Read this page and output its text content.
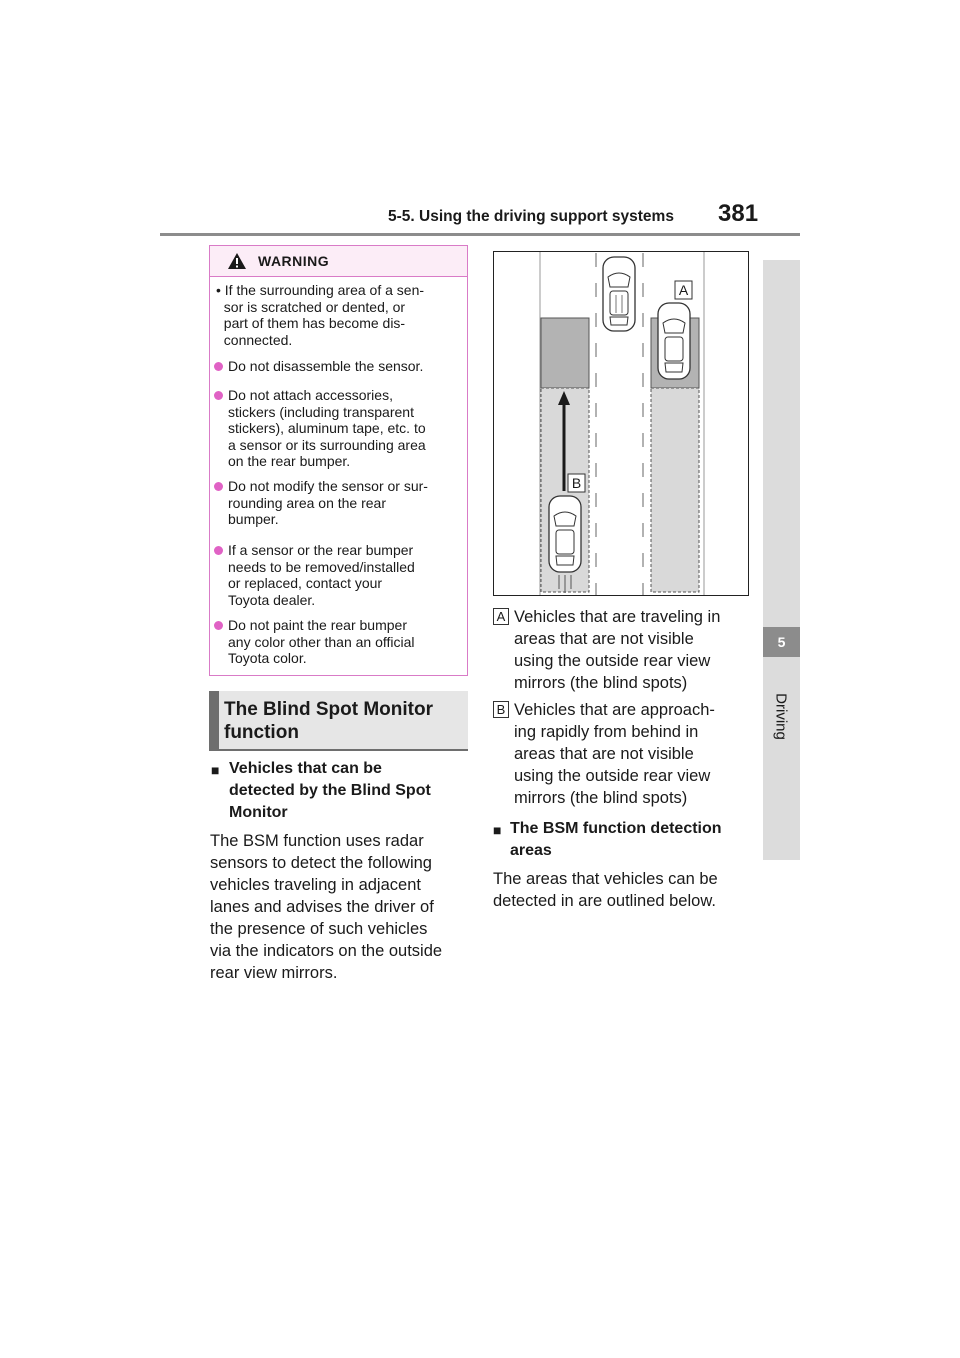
5-5. Using the driving support systems 381
5
Driving
WARNING
• If the surrounding area of a sen-
sor is scratched or dented, or
part of them has become dis-
connected.
Do not disassemble the sensor.
Do not attach accessories,
stickers (including transparent
stickers), aluminum tape, etc. to
a sensor or its surrounding area
on the rear bumper.
Do not modify the sensor or sur-
rounding area on the rear
bumper.
If a sensor or the rear bumper
needs to be removed/installed
or replaced, contact your
Toyota dealer.
Do not paint the rear bumper
any color other than an official
Toyota color.
The Blind Spot Monitor
function
■ Vehicles that can be
detected by the Blind Spot
Monitor
The BSM function uses radar
sensors to detect the following
vehicles traveling in adjacent
lanes and advises the driver of
the presence of such vehicles
via the indicators on the outside
rear view mirrors.
A
B
A Vehicles that are traveling in
areas that are not visible
using the outside rear view
mirrors (the blind spots)
B Vehicles that are approach-
ing rapidly from behind in
areas that are not visible
using the outside rear view
mirrors (the blind spots)
■ The BSM function detection
areas
The areas that vehicles can be
detected in are outlined below.
